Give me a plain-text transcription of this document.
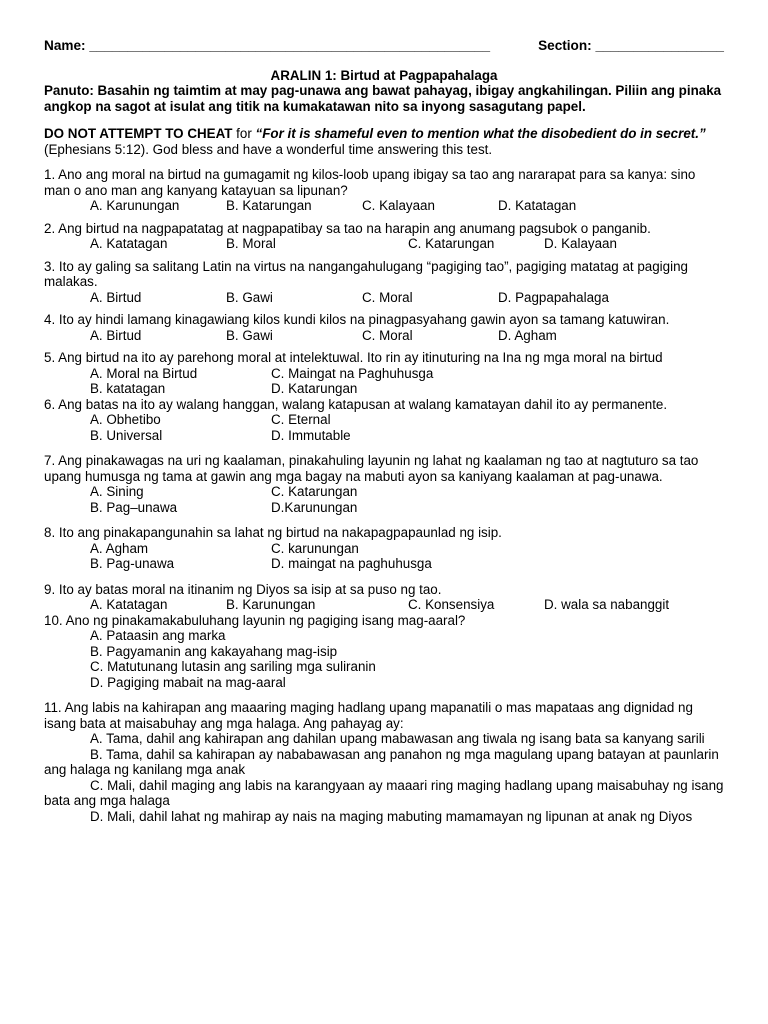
Name: _____________________________________________________	Section: _________________
ARALIN 1: Birtud at Pagpapahalaga

Panuto: Basahin ng taimtim at may pag-unawa ang bawat pahayag, ibigay angkahilingan. Piliin ang pinaka angkop na sagot at isulat ang titik na kumakatawan nito sa inyong sasagutang papel.

DO NOT ATTEMPT TO CHEAT for “For it is shameful even to mention what the disobedient do in secret.” (Ephesians 5:12). God bless and have a wonderful time answering this test.

1. Ano ang moral na birtud na gumagamit ng kilos-loob upang ibigay sa tao ang nararapat para sa kanya: sino man o ano man ang kanyang katayuan sa lipunan?

A. Karunungan	B. Katarungan	C. Kalayaan	D. Katatagan

2. Ang birtud na nagpapatatag at nagpapatibay sa tao na harapin ang anumang pagsubok o panganib.

A. Katatagan	B. Moral	C. Katarungan	D. Kalayaan

3. Ito ay galing sa salitang Latin na virtus na nangangahulugang “pagiging tao”, pagiging matatag at pagiging malakas.

A. Birtud	B. Gawi	C. Moral	D. Pagpapahalaga

4. Ito ay hindi lamang kinagawiang kilos kundi kilos na pinagpasyahang gawin ayon sa tamang katuwiran.

A. Birtud	B. Gawi	C. Moral	D. Agham

5. Ang birtud na ito ay parehong moral at intelektuwal. Ito rin ay itinuturing na Ina ng mga moral na birtud

A. Moral na Birtud	C. Maingat na Paghuhusga
B. katatagan	D. Katarungan

6. Ang batas na ito ay walang hanggan, walang katapusan at walang kamatayan dahil ito ay permanente.

A. Obhetibo	C. Eternal
B. Universal	D. Immutable

7. Ang pinakawagas na uri ng kaalaman, pinakahuling layunin ng lahat ng kaalaman ng tao at nagtuturo sa tao upang humusga ng tama at gawin ang mga bagay na mabuti ayon sa kaniyang kaalaman at pag-unawa.

A. Sining	C. Katarungan
B. Pag–unawa	D.Karunungan

8. Ito ang pinakapangunahin sa lahat ng birtud na nakapagpapaunlad ng isip.

A. Agham	C. karunungan
B. Pag-unawa	D. maingat na paghuhusga

9. Ito ay batas moral na itinanim ng Diyos sa isip at sa puso ng tao.

A. Katatagan	B. Karunungan	C. Konsensiya	D. wala sa nabanggit

10. Ano ng pinakamakabuluhang layunin ng pagiging isang mag-aaral?

A. Pataasin ang marka
B. Pagyamanin ang kakayahang mag-isip
C. Matutunang lutasin ang sariling mga suliranin
D. Pagiging mabait na mag-aaral

11. Ang labis na kahirapan ang maaaring maging hadlang upang mapanatili o mas mapataas ang dignidad ng isang bata at maisabuhay ang mga halaga. Ang pahayag ay:

A. Tama, dahil ang kahirapan ang dahilan upang mabawasan ang tiwala ng isang bata sa kanyang sarili

B. Tama, dahil sa kahirapan ay nababawasan ang panahon ng mga magulang upang batayan at paunlarin ang halaga ng kanilang mga anak

C. Mali, dahil maging ang labis na karangyaan ay maaari ring maging hadlang upang maisabuhay ng isang bata ang mga halaga

D. Mali, dahil lahat ng mahirap ay nais na maging mabuting mamamayan ng lipunan at anak ng Diyos
